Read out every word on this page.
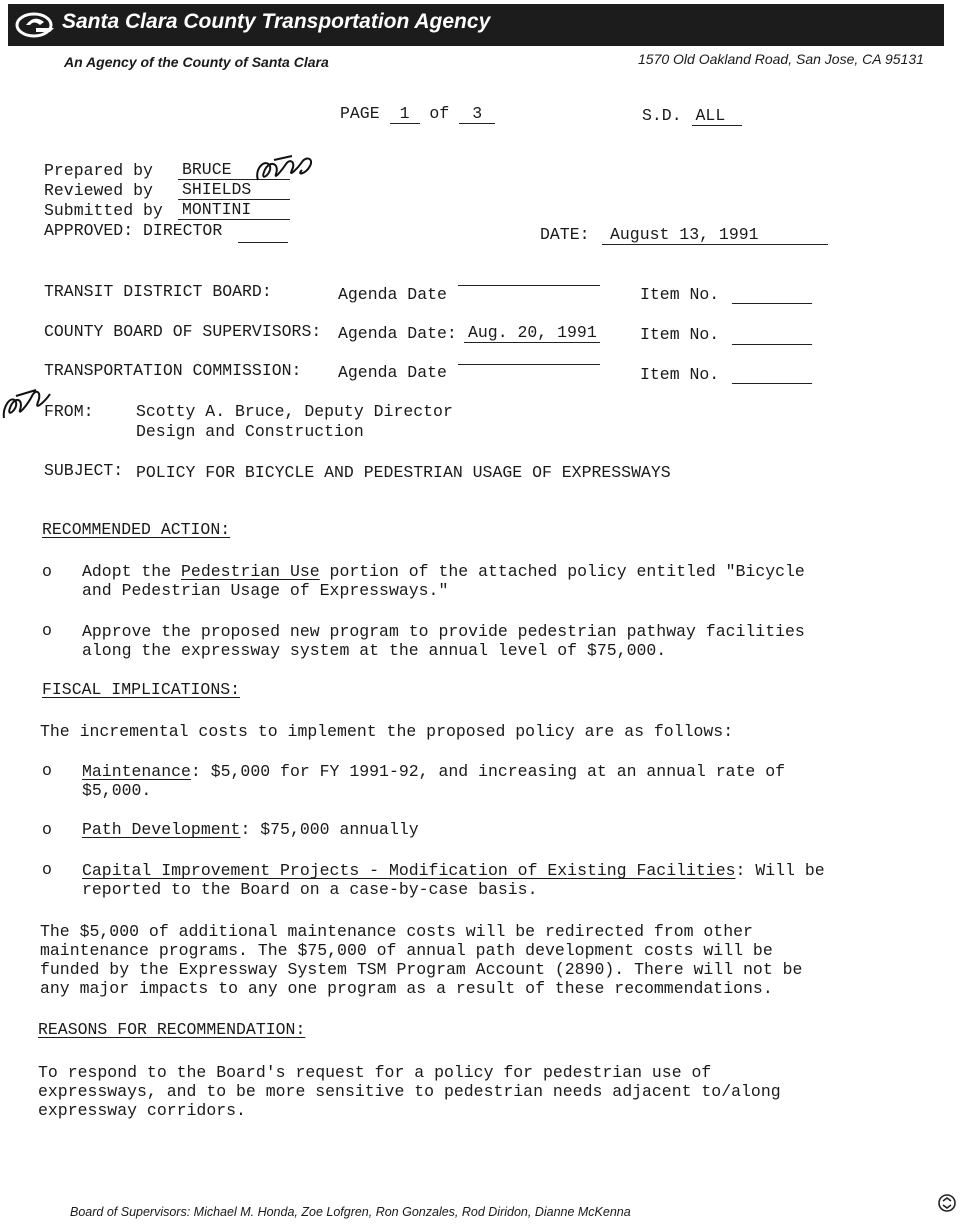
Santa Clara County Transportation Agency
An Agency of the County of Santa Clara	1570 Old Oakland Road, San Jose, CA 95131
PAGE 1 of 3	S.D. ALL
Prepared by BRUCE
Reviewed by SHIELDS
Submitted by MONTINI
APPROVED: DIRECTOR	DATE:	August 13, 1991
TRANSIT DISTRICT BOARD:	Agenda Date	Item No.
COUNTY BOARD OF SUPERVISORS: Agenda Date: Aug. 20, 1991	Item No.
TRANSPORTATION COMMISSION: Agenda Date	Item No.
FROM:	Scotty A. Bruce, Deputy Director
Design and Construction
SUBJECT: POLICY FOR BICYCLE AND PEDESTRIAN USAGE OF EXPRESSWAYS
RECOMMENDED ACTION:
o Adopt the Pedestrian Use portion of the attached policy entitled "Bicycle
and Pedestrian Usage of Expressways."
o Approve the proposed new program to provide pedestrian pathway facilities
along the expressway system at the annual level of $75,000.
FISCAL IMPLICATIONS:
The incremental costs to implement the proposed policy are as follows:
o Maintenance: $5,000 for FY 1991-92, and increasing at an annual rate of
$5,000.
o Path Development: $75,000 annually
o Capital Improvement Projects - Modification of Existing Facilities: Will be
reported to the Board on a case-by-case basis.
The $5,000 of additional maintenance costs will be redirected from other
maintenance programs. The $75,000 of annual path development costs will be
funded by the Expressway System TSM Program Account (2890). There will not be
any major impacts to any one program as a result of these recommendations.
REASONS FOR RECOMMENDATION:
To respond to the Board's request for a policy for pedestrian use of
expressways, and to be more sensitive to pedestrian needs adjacent to/along
expressway corridors.
Board of Supervisors: Michael M. Honda, Zoe Lofgren, Ron Gonzales, Rod Diridon, Dianne McKenna
